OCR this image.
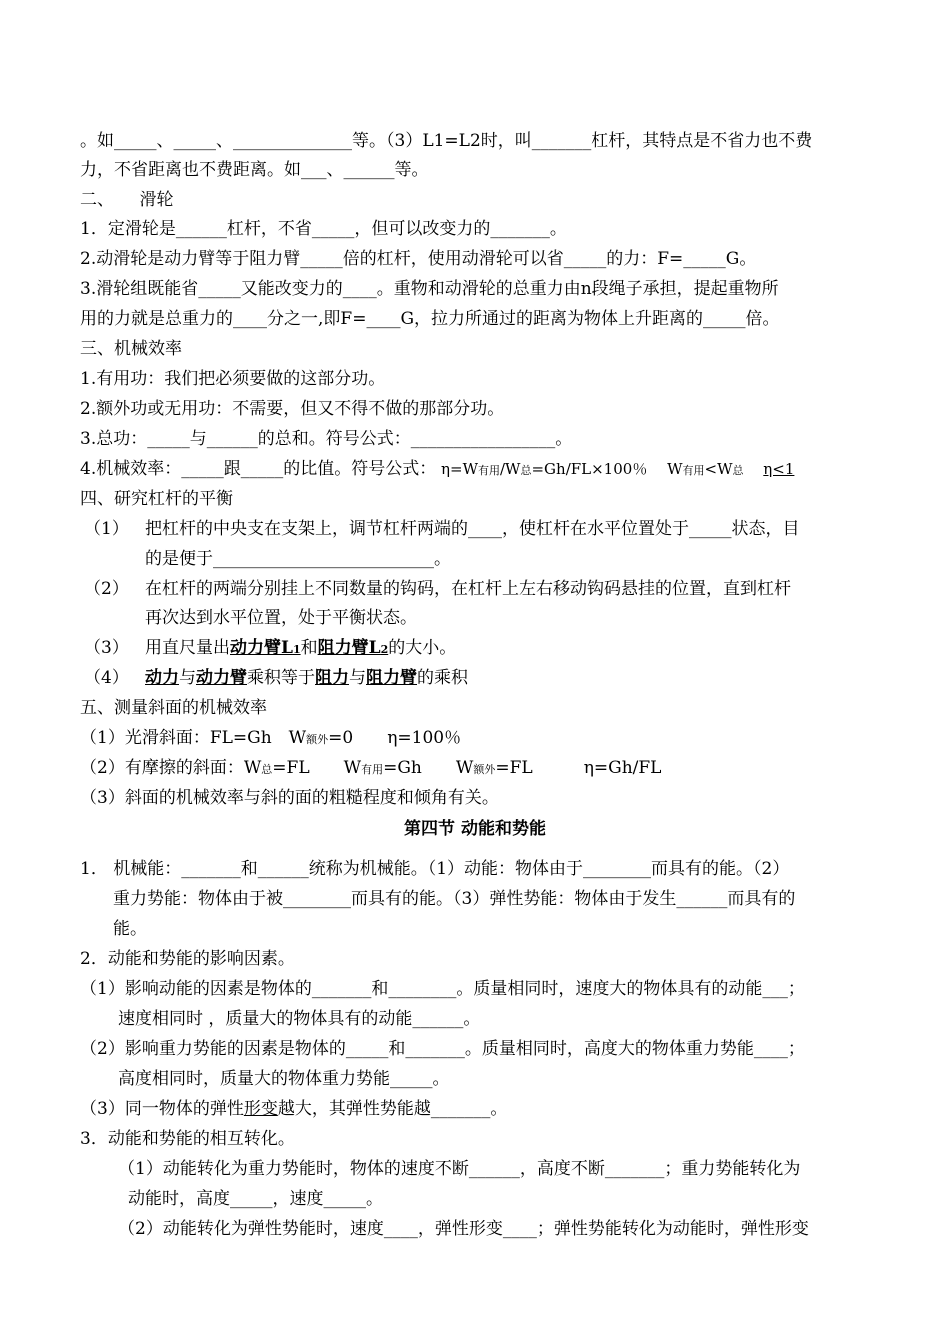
。如_____、_____、______________等。（3）L1=L2时，叫_______杠杆，其特点是不省力也不费
力，不省距离也不费距离。如___、______等。
二、　　滑轮
1．定滑轮是______杠杆，不省_____，但可以改变力的_______。
2.动滑轮是动力臂等于阻力臂_____倍的杠杆，使用动滑轮可以省_____的力：F=_____G。
3.滑轮组既能省_____又能改变力的____。重物和动滑轮的总重力由n段绳子承担，提起重物所
用的力就是总重力的____分之一,即F=____G，拉力所通过的距离为物体上升距离的_____倍。
三、机械效率
1.有用功：我们把必须要做的这部分功。
2.额外功或无用功：不需要，但又不得不做的那部分功。
3.总功：_____与______的总和。符号公式：_________________。
4.机械效率：_____跟_____的比值。符号公式： η=W有用/W总=Gh/FL×100％　 W有用<W总　 η<1
四、研究杠杆的平衡
（1） 把杠杆的中央支在支架上，调节杠杆两端的____，使杠杆在水平位置处于_____状态，目
的是便于__________________________。
（2） 在杠杆的两端分别挂上不同数量的钩码，在杠杆上左右移动钩码悬挂的位置，直到杠杆
再次达到水平位置，处于平衡状态。
（3） 用直尺量出动力臂L1和阻力臂L2的大小。
（4） 动力与动力臂乘积等于阻力与阻力臂的乘积
五、测量斜面的机械效率
（1）光滑斜面：FL=Gh　W额外=0　　η=100％
（2）有摩擦的斜面：W总=FL　　W有用=Gh　　W额外=FL　　　η=Gh/FL
（3）斜面的机械效率与斜的面的粗糙程度和倾角有关。
第四节 动能和势能
1． 机械能：_______和______统称为机械能。（1）动能：物体由于________而具有的能。（2）
重力势能：物体由于被________而具有的能。（3）弹性势能：物体由于发生______而具有的
能。
2．动能和势能的影响因素。
（1）影响动能的因素是物体的_______和________。质量相同时，速度大的物体具有的动能___；
速度相同时 ，质量大的物体具有的动能______。
（2）影响重力势能的因素是物体的_____和_______。质量相同时，高度大的物体重力势能____；
高度相同时，质量大的物体重力势能_____。
（3）同一物体的弹性形变越大，其弹性势能越_______。
3．动能和势能的相互转化。
（1）动能转化为重力势能时，物体的速度不断______，高度不断_______；重力势能转化为
动能时，高度_____，速度_____。
（2）动能转化为弹性势能时，速度____，弹性形变____；弹性势能转化为动能时，弹性形变
